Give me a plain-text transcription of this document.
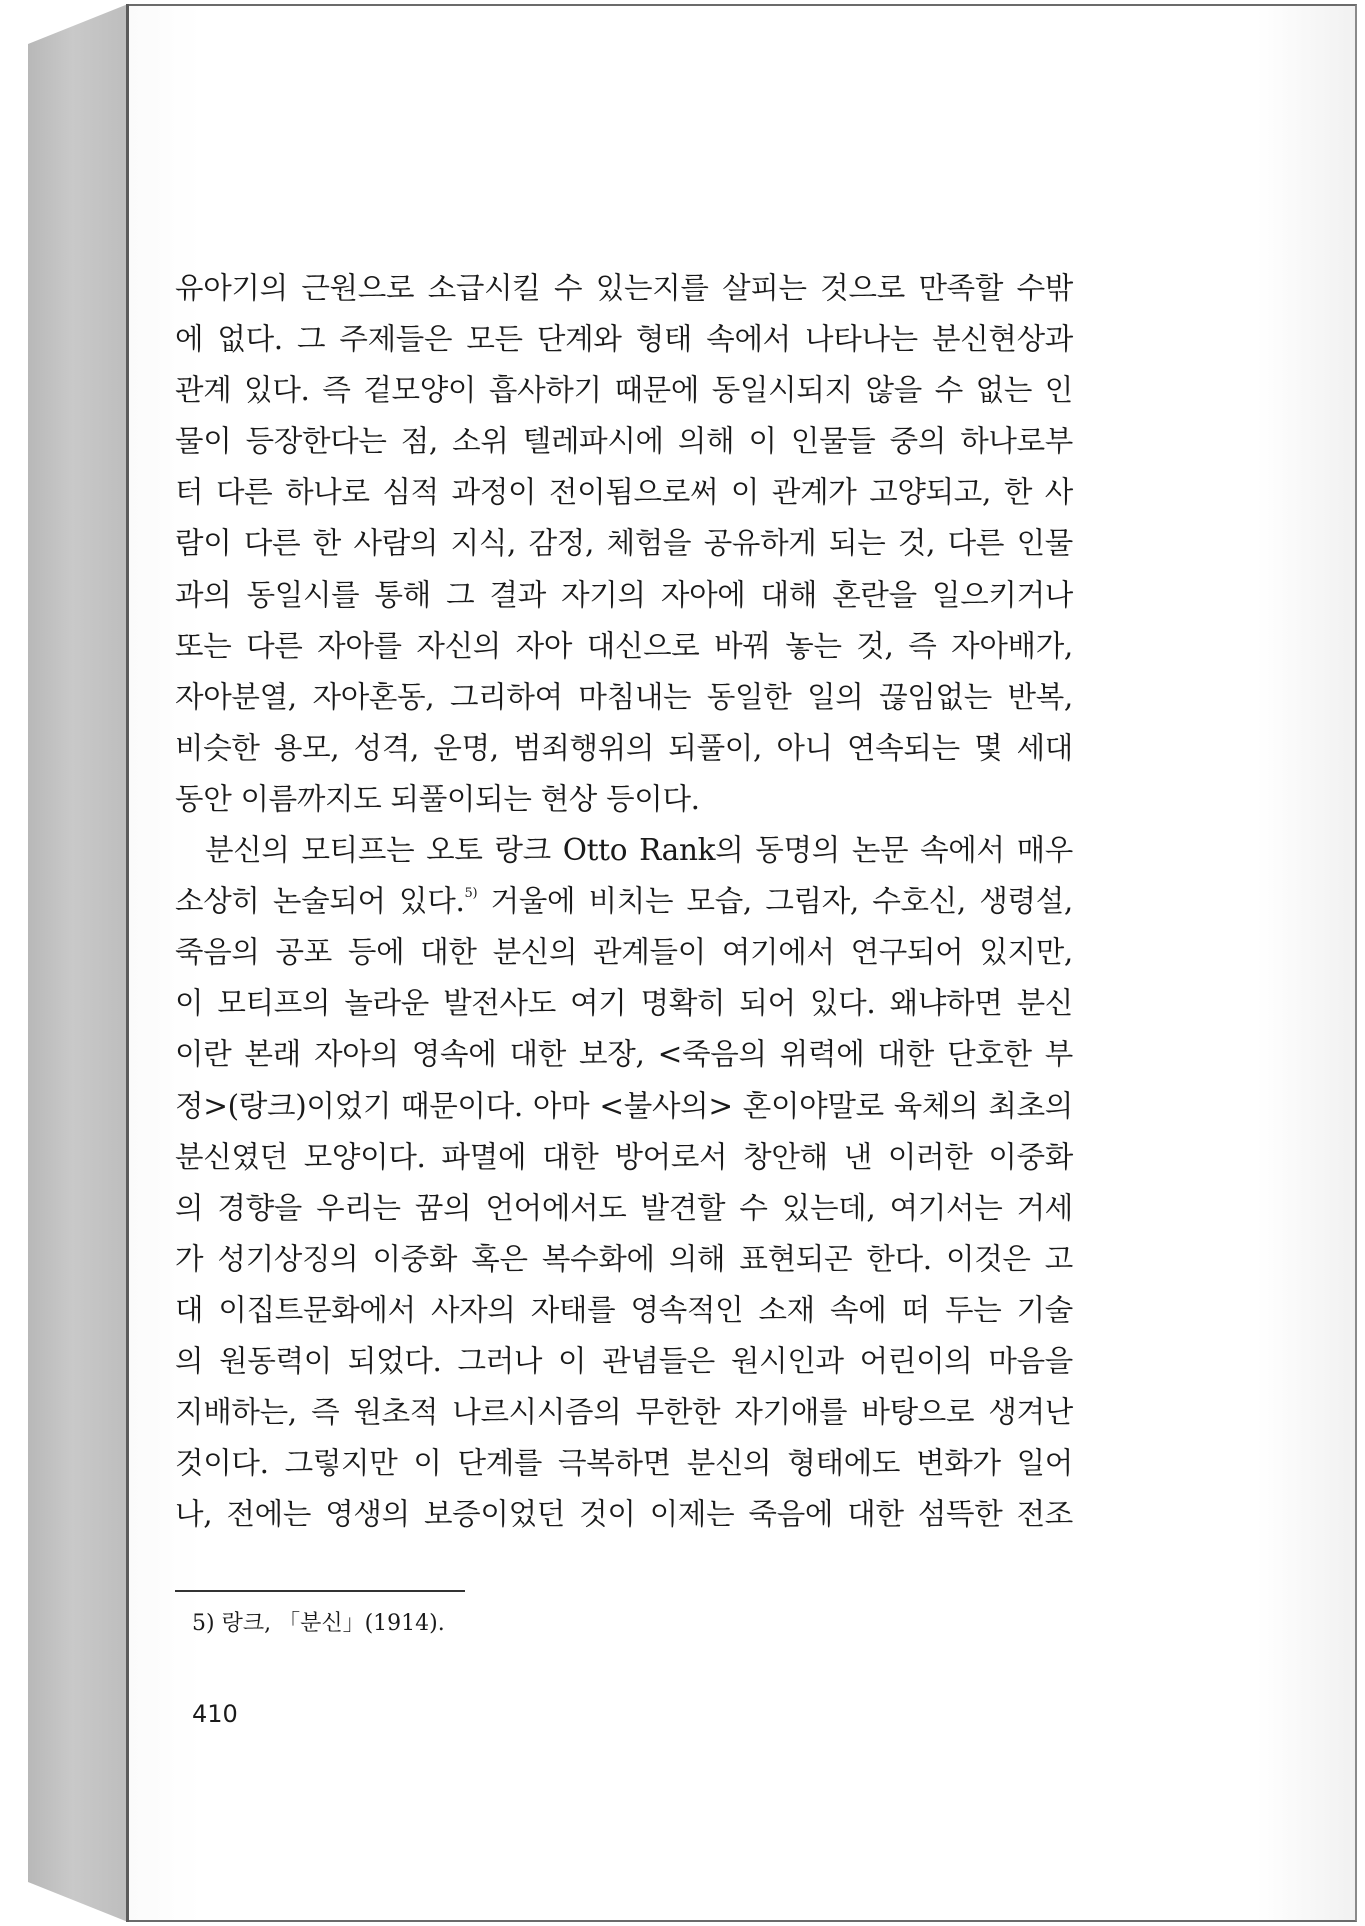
유아기의 근원으로 소급시킬 수 있는지를 살피는 것으로 만족할 수밖
에 없다. 그 주제들은 모든 단계와 형태 속에서 나타나는 분신현상과
관계 있다. 즉 겉모양이 흡사하기 때문에 동일시되지 않을 수 없는 인
물이 등장한다는 점, 소위 텔레파시에 의해 이 인물들 중의 하나로부
터 다른 하나로 심적 과정이 전이됨으로써 이 관계가 고양되고, 한 사
람이 다른 한 사람의 지식, 감정, 체험을 공유하게 되는 것, 다른 인물
과의 동일시를 통해 그 결과 자기의 자아에 대해 혼란을 일으키거나
또는 다른 자아를 자신의 자아 대신으로 바꿔 놓는 것, 즉 자아배가,
자아분열, 자아혼동, 그리하여 마침내는 동일한 일의 끊임없는 반복,
비슷한 용모, 성격, 운명, 범죄행위의 되풀이, 아니 연속되는 몇 세대
동안 이름까지도 되풀이되는 현상 등이다.
분신의 모티프는 오토 랑크 Otto Rank의 동명의 논문 속에서 매우
소상히 논술되어 있다.$^{5)}$ 거울에 비치는 모습, 그림자, 수호신, 생령설,
죽음의 공포 등에 대한 분신의 관계들이 여기에서 연구되어 있지만,
이 모티프의 놀라운 발전사도 여기 명확히 되어 있다. 왜냐하면 분신
이란 본래 자아의 영속에 대한 보장, <죽음의 위력에 대한 단호한 부
정>(랑크)이었기 때문이다. 아마 <불사의> 혼이야말로 육체의 최초의
분신였던 모양이다. 파멸에 대한 방어로서 창안해 낸 이러한 이중화
의 경향을 우리는 꿈의 언어에서도 발견할 수 있는데, 여기서는 거세
가 성기상징의 이중화 혹은 복수화에 의해 표현되곤 한다. 이것은 고
대 이집트문화에서 사자의 자태를 영속적인 소재 속에 떠 두는 기술
의 원동력이 되었다. 그러나 이 관념들은 원시인과 어린이의 마음을
지배하는, 즉 원초적 나르시시즘의 무한한 자기애를 바탕으로 생겨난
것이다. 그렇지만 이 단계를 극복하면 분신의 형태에도 변화가 일어
나, 전에는 영생의 보증이었던 것이 이제는 죽음에 대한 섬뜩한 전조
5) 랑크, 「분신」(1914).
410
